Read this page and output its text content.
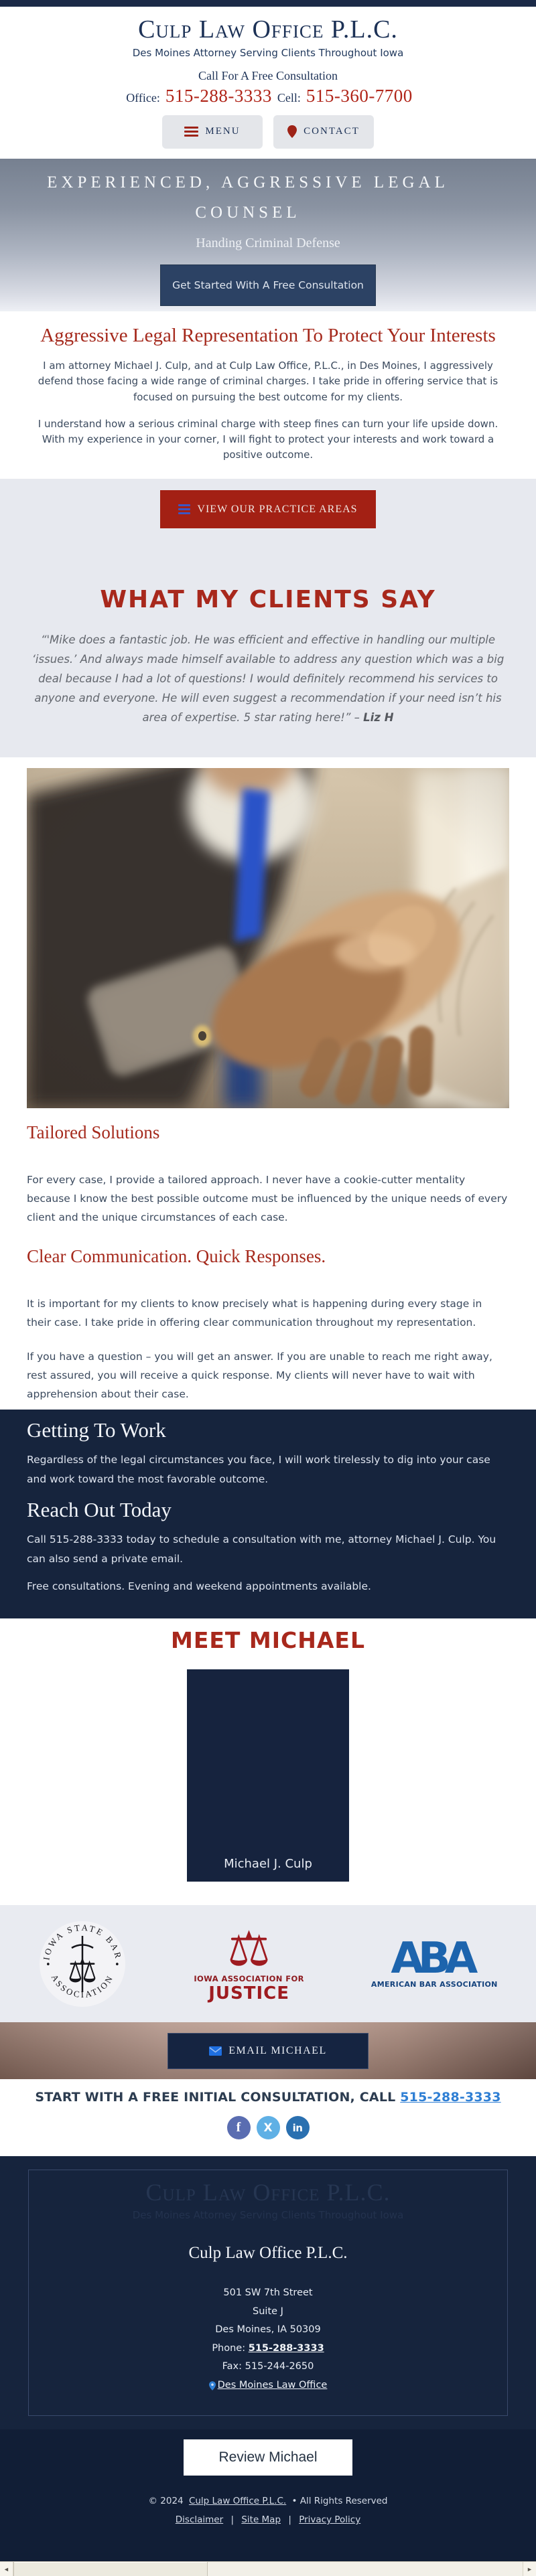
Culp Law Office P.L.C.
Des Moines Attorney Serving Clients Throughout Iowa
Call For A Free Consultation
Office: 515-288-3333 Cell: 515-360-7700
MENU	CONTACT
EXPERIENCED, AGGRESSIVE LEGAL COUNSEL
Handing Criminal Defense
Get Started With A Free Consultation
Aggressive Legal Representation To Protect Your Interests

I am attorney Michael J. Culp, and at Culp Law Office, P.L.C., in Des Moines, I aggressively defend those facing a wide range of criminal charges. I take pride in offering service that is focused on pursuing the best outcome for my clients.

I understand how a serious criminal charge with steep fines can turn your life upside down. With my experience in your corner, I will fight to protect your interests and work toward a positive outcome.

VIEW OUR PRACTICE AREAS
WHAT MY CLIENTS SAY
“'Mike does a fantastic job. He was efficient and effective in handling our multiple ‘issues.’ And always made himself available to address any question which was a big deal because I had a lot of questions! I would definitely recommend his services to anyone and everyone. He will even suggest a recommendation if your need isn’t his area of expertise. 5 star rating here!” – Liz H
Tailored Solutions

For every case, I provide a tailored approach. I never have a cookie-cutter mentality because I know the best possible outcome must be influenced by the unique needs of every client and the unique circumstances of each case.

Clear Communication. Quick Responses.

It is important for my clients to know precisely what is happening during every stage in their case. I take pride in offering clear communication throughout my representation.

If you have a question – you will get an answer. If you are unable to reach me right away, rest assured, you will receive a quick response. My clients will never have to wait with apprehension about their case.

Getting To Work

Regardless of the legal circumstances you face, I will work tirelessly to dig into your case and work toward the most favorable outcome.

Reach Out Today

Call 515-288-3333 today to schedule a consultation with me, attorney Michael J. Culp. You can also send a private email.

Free consultations. Evening and weekend appointments available.

MEET MICHAEL
Michael J. Culp
IOWA STATE BAR
ASSOCIATION
•	•
⚖	⚖
IOWA ASSOCIATION FOR
JUSTICE
ABA
AMERICAN BAR ASSOCIATION
EMAIL MICHAEL
START WITH A FREE INITIAL CONSULTATION, CALL 515-288-3333
f	X	in
Culp Law Office P.L.C.
Des Moines Attorney Serving Clients Throughout Iowa
Culp Law Office P.L.C.
501 SW 7th Street
Suite J
Des Moines, IA 50309
Phone: 515-288-3333
Fax: 515-244-2650
Des Moines Law Office
Review Michael
© 2024 Culp Law Office P.L.C. • All Rights Reserved
Disclaimer | Site Map | Privacy Policy
◄	►
